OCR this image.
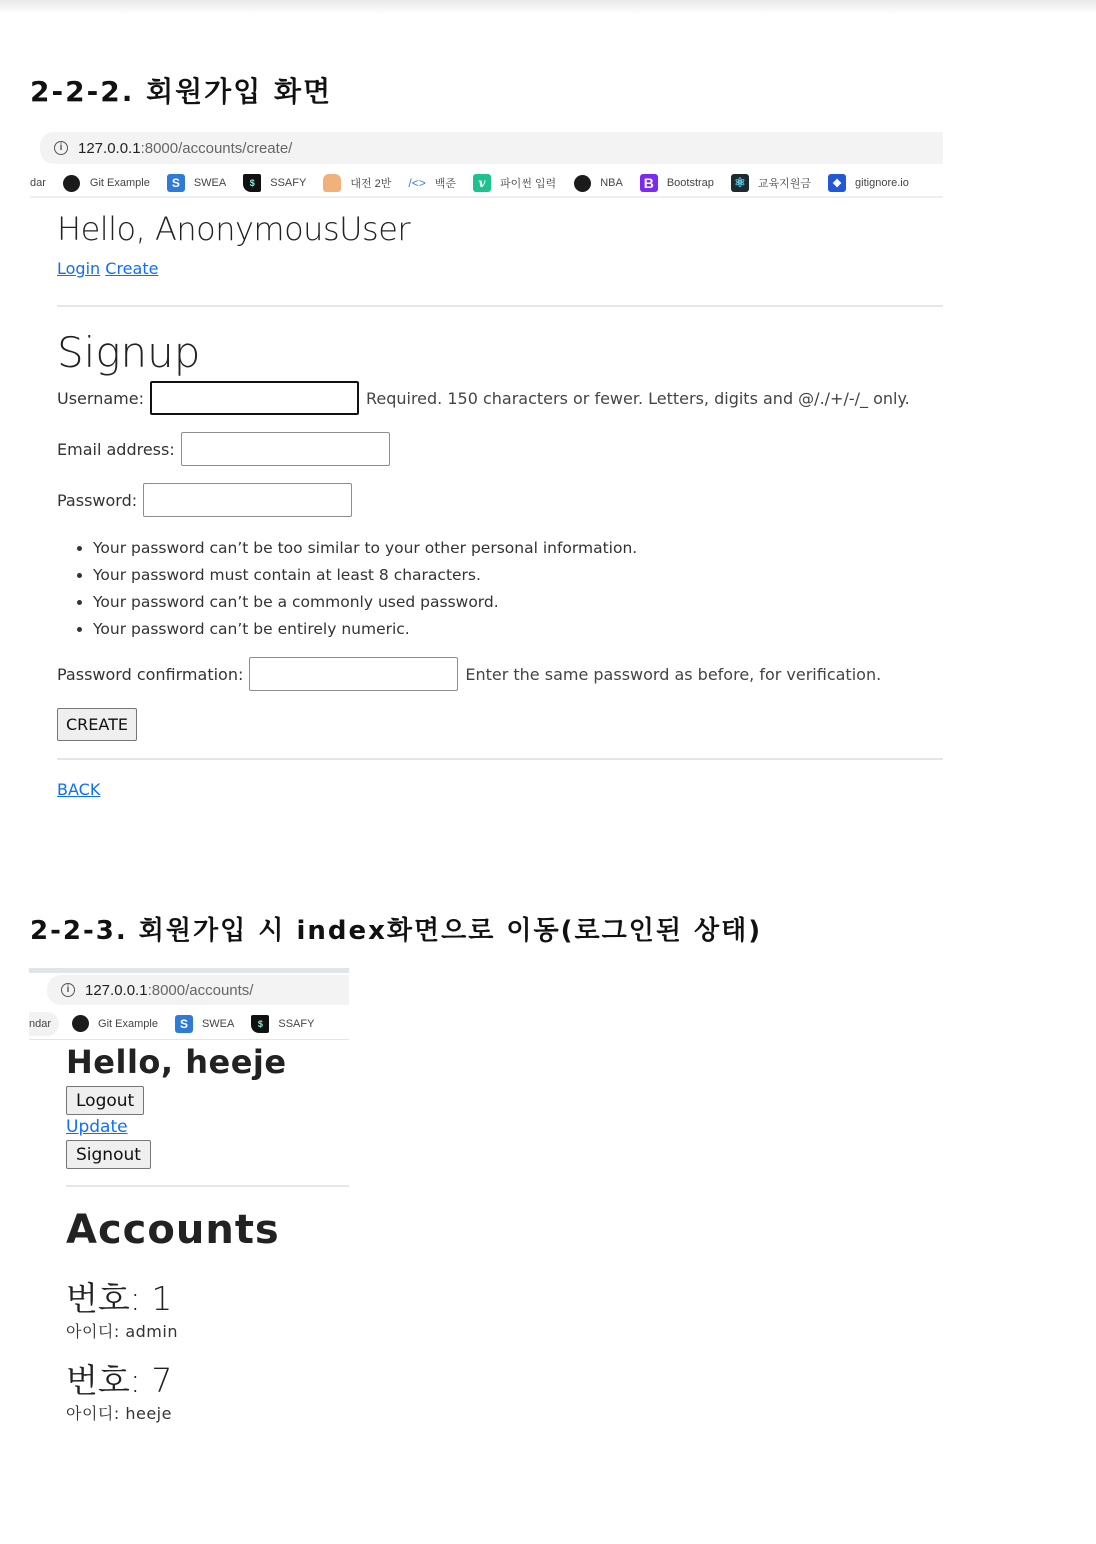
2-2-2. 회원가입 화면
i	127.0.0.1 :8000/accounts/create/
dar	Git Example	S	SWEA	$	SSAFY	대전 2반 /<> 백준	v	파이썬 입력	NBA B	Bootstrap ⚛ 교육지원금	❖	gitignore.io
Hello, AnonymousUser
Login Create
Signup
Username:	Required. 150 characters or fewer. Letters, digits and @/./+/-/_ only.
Email address:
Password:
• Your password can’t be too similar to your other personal information.
• Your password must contain at least 8 characters.
• Your password can’t be a commonly used password.
• Your password can’t be entirely numeric.
Password confirmation:	Enter the same password as before, for verification.
CREATE
BACK
2-2-3. 회원가입 시 index화면으로 이동(로그인된 상태)
i	127.0.0.1 :8000/accounts/
ndar	Git Example	S	SWEA	$	SSAFY
Hello, heeje
Logout
Update
Signout
Accounts
번호: 1
아이디: admin
번호: 7
아이디: heeje
